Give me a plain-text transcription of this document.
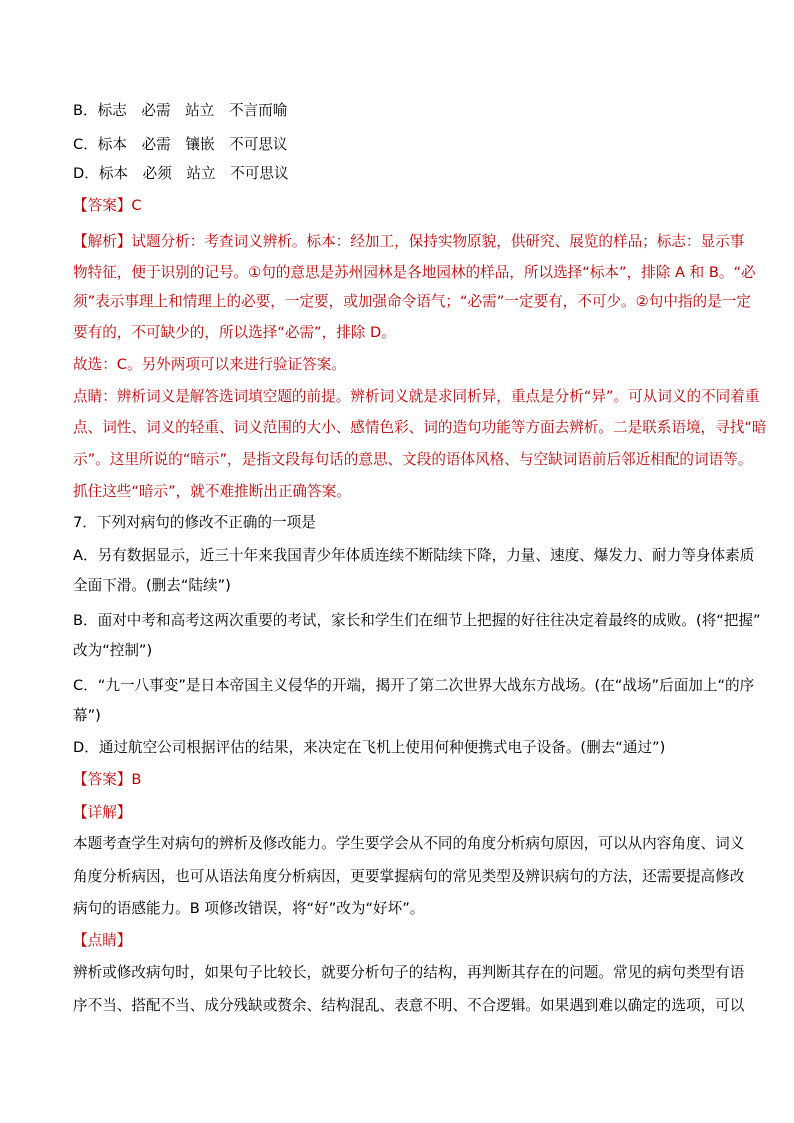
B．标志　必需　站立　不言而喻
C．标本　必需　镶嵌　不可思议
D．标本　必须　站立　不可思议
【答案】C
【解析】试题分析：考查词义辨析。标本：经加工，保持实物原貌，供研究、展览的样品；标志：显示事
物特征，便于识别的记号。①句的意思是苏州园林是各地园林的样品，所以选择“标本”，排除 A 和 B。“必
须”表示事理上和情理上的必要，一定要，或加强命令语气；“必需”一定要有，不可少。②句中指的是一定
要有的，不可缺少的，所以选择“必需”，排除 D。
故选：C。另外两项可以来进行验证答案。
点睛：辨析词义是解答选词填空题的前提。辨析词义就是求同析异，重点是分析“异”。可从词义的不同着重
点、词性、词义的轻重、词义范围的大小、感情色彩、词的造句功能等方面去辨析。二是联系语境，寻找“暗
示”。这里所说的“暗示”，是指文段每句话的意思、文段的语体风格、与空缺词语前后邻近相配的词语等。
抓住这些“暗示”，就不难推断出正确答案。
7．下列对病句的修改不正确的一项是
A．另有数据显示，近三十年来我国青少年体质连续不断陆续下降，力量、速度、爆发力、耐力等身体素质
全面下滑。(删去“陆续”)
B．面对中考和高考这两次重要的考试，家长和学生们在细节上把握的好往往决定着最终的成败。(将“把握”
改为“控制”)
C．“九一八事变”是日本帝国主义侵华的开端，揭开了第二次世界大战东方战场。(在“战场”后面加上“的序
幕”)
D．通过航空公司根据评估的结果，来决定在飞机上使用何种便携式电子设备。(删去“通过”)
【答案】B
【详解】
本题考查学生对病句的辨析及修改能力。学生要学会从不同的角度分析病句原因，可以从内容角度、词义
角度分析病因，也可从语法角度分析病因，更要掌握病句的常见类型及辨识病句的方法，还需要提高修改
病句的语感能力。B 项修改错误，将“好”改为“好坏”。
【点睛】
辨析或修改病句时，如果句子比较长，就要分析句子的结构，再判断其存在的问题。常见的病句类型有语
序不当、搭配不当、成分残缺或赘余、结构混乱、表意不明、不合逻辑。如果遇到难以确定的选项，可以
